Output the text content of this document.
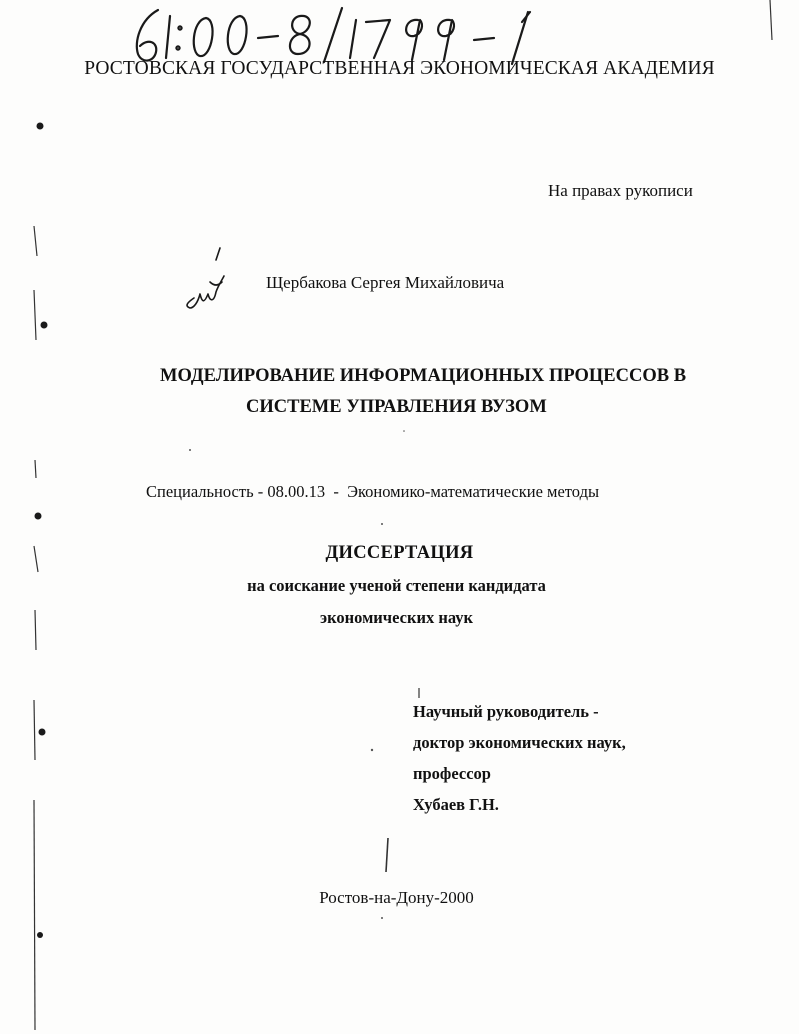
РОСТОВСКАЯ ГОСУДАРСТВЕННАЯ ЭКОНОМИЧЕСКАЯ АКАДЕМИЯ
На правах рукописи
Щербакова Сергея Михайловича
МОДЕЛИРОВАНИЕ ИНФОРМАЦИОННЫХ ПРОЦЕССОВ В
СИСТЕМЕ УПРАВЛЕНИЯ ВУЗОМ
Специальность - 08.00.13  -  Экономико-математические методы
ДИССЕРТАЦИЯ
на соискание ученой степени кандидата
экономических наук
Научный руководитель -
доктор экономических наук,
профессор
Хубаев Г.Н.
Ростов-на-Дону-2000
